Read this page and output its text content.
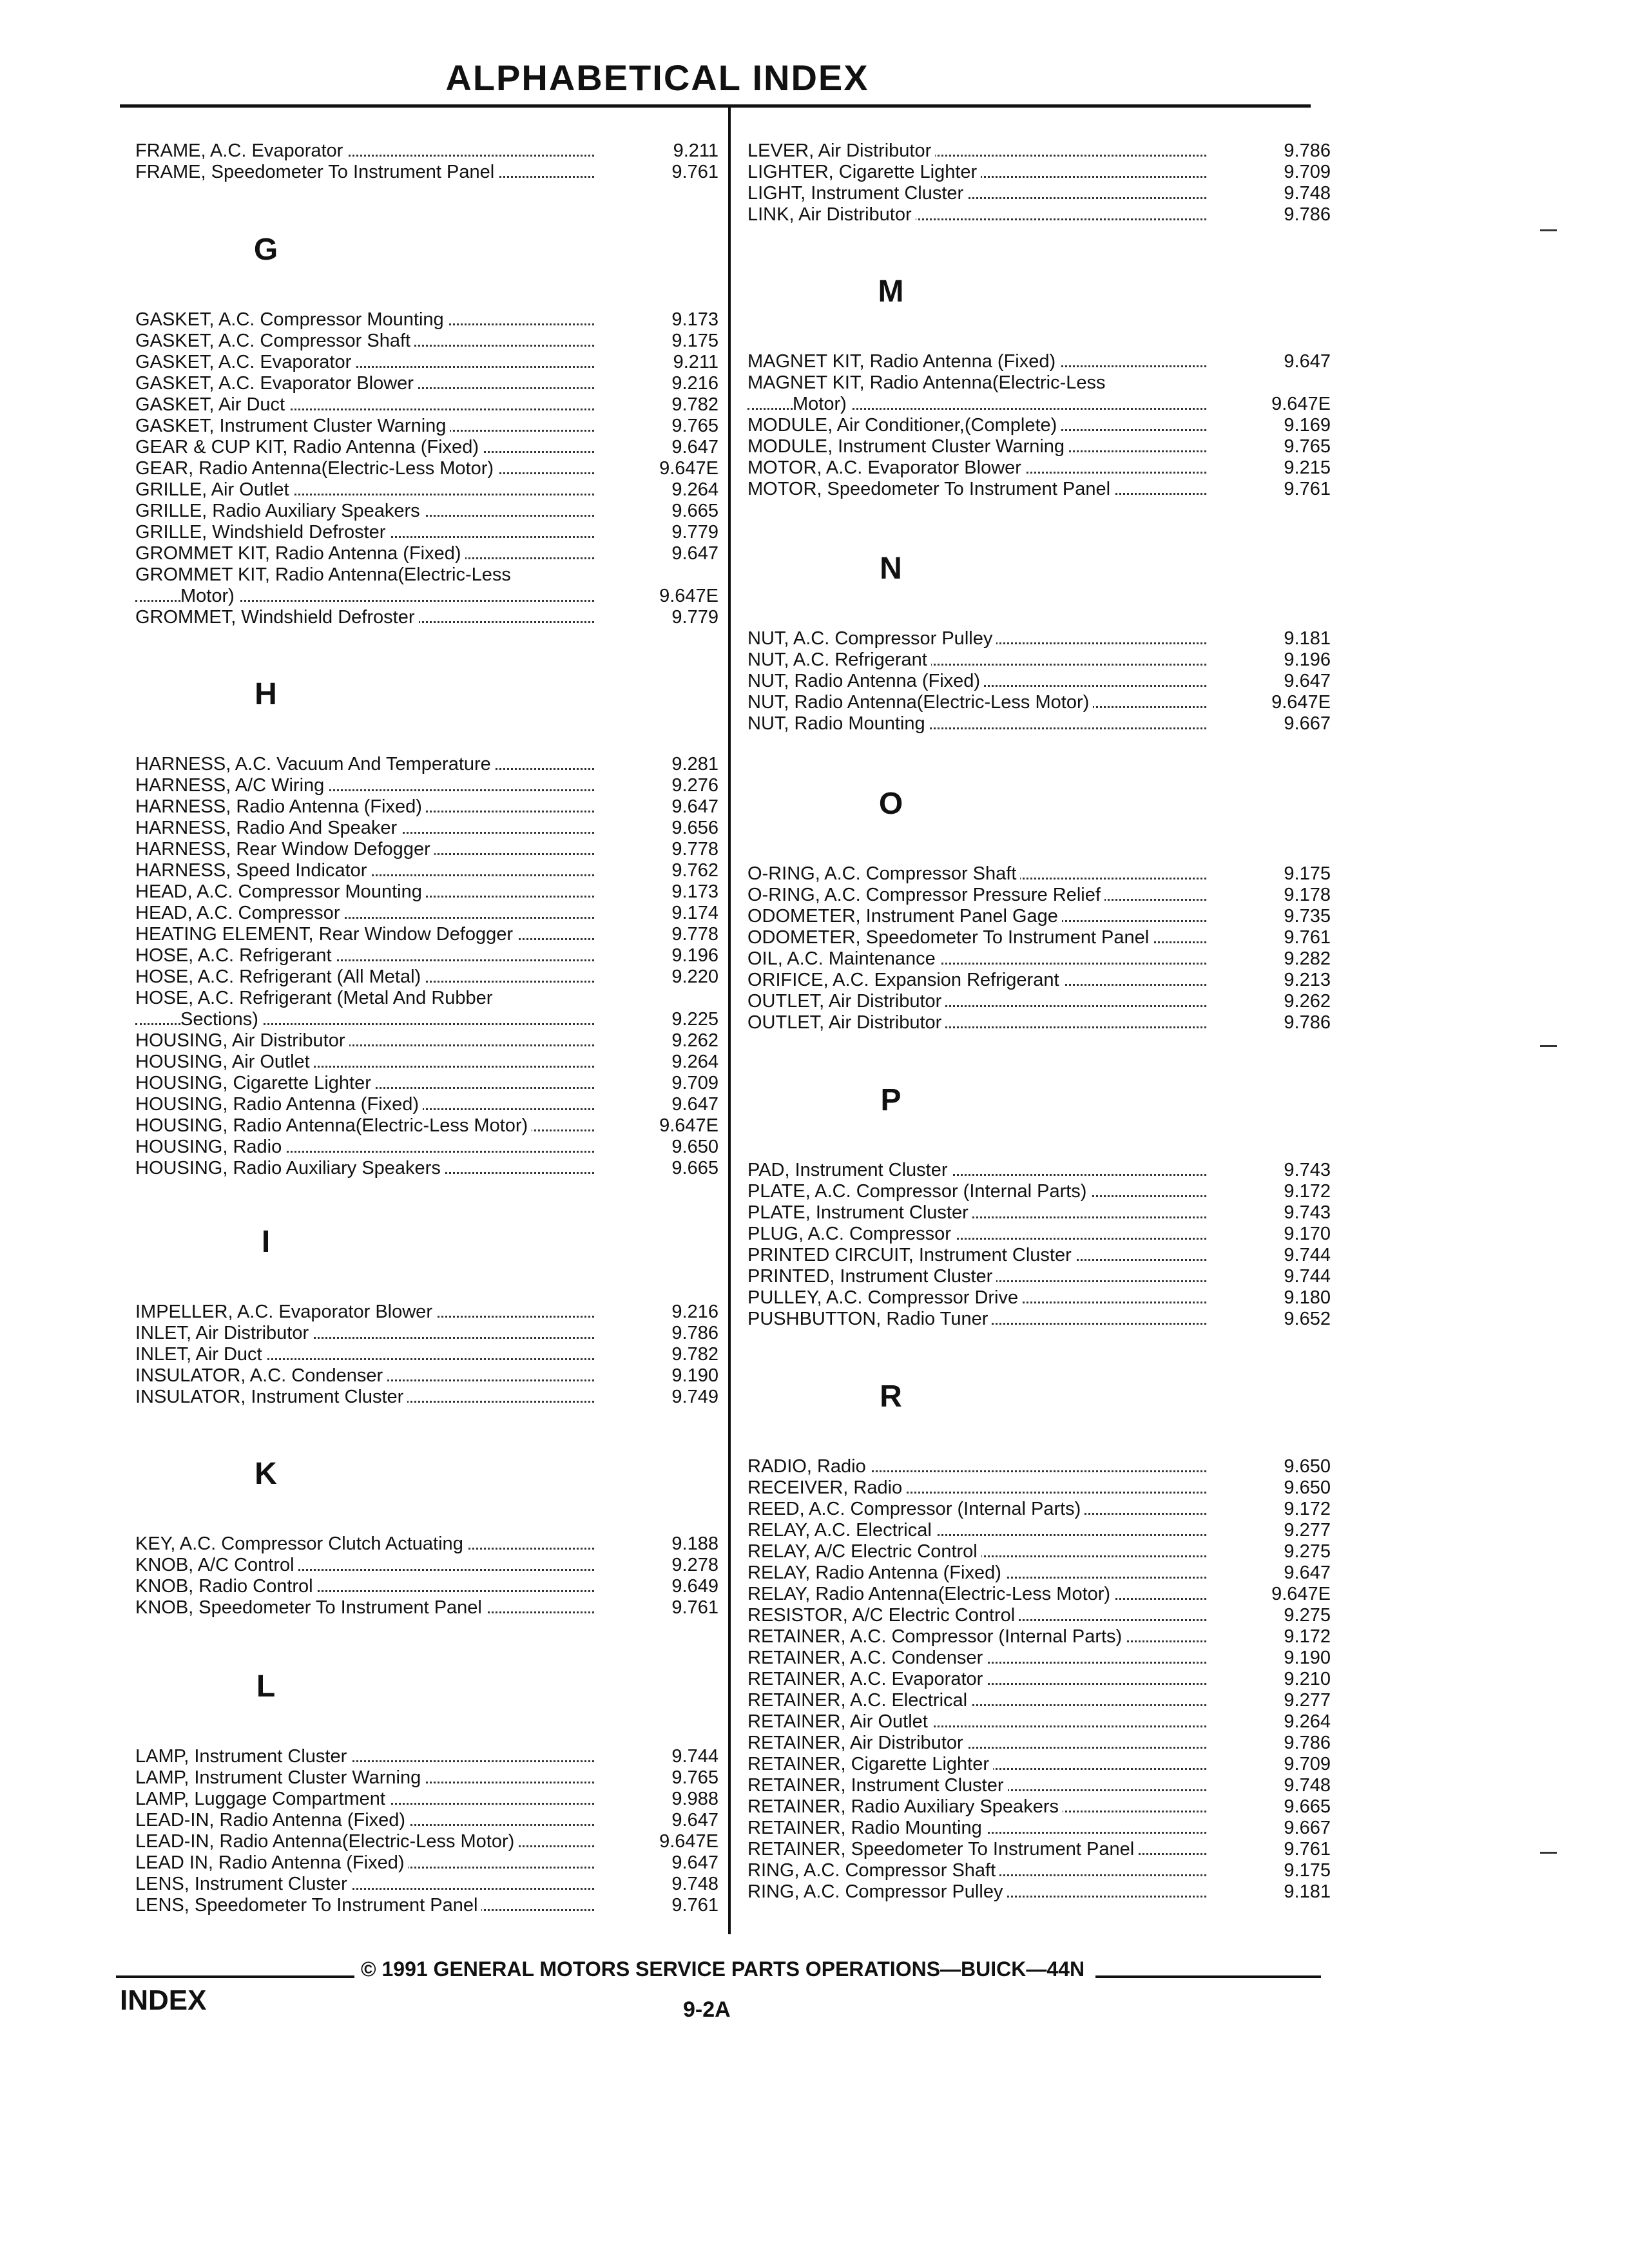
ALPHABETICAL INDEX
FRAME, A.C. Evaporator	9.211
FRAME, Speedometer To Instrument Panel	9.761
G
GASKET, A.C. Compressor Mounting	9.173
GASKET, A.C. Compressor Shaft	9.175
GASKET, A.C. Evaporator	9.211
GASKET, A.C. Evaporator Blower	9.216
GASKET, Air Duct	9.782
GASKET, Instrument Cluster Warning	9.765
GEAR & CUP KIT, Radio Antenna (Fixed)	9.647
GEAR, Radio Antenna(Electric-Less Motor)	9.647E
GRILLE, Air Outlet	9.264
GRILLE, Radio Auxiliary Speakers	9.665
GRILLE, Windshield Defroster	9.779
GROMMET KIT, Radio Antenna (Fixed)	9.647
GROMMET KIT, Radio Antenna(Electric-Less
Motor)	9.647E
GROMMET, Windshield Defroster	9.779
H
HARNESS, A.C. Vacuum And Temperature	9.281
HARNESS, A/C Wiring	9.276
HARNESS, Radio Antenna (Fixed)	9.647
HARNESS, Radio And Speaker	9.656
HARNESS, Rear Window Defogger	9.778
HARNESS, Speed Indicator	9.762
HEAD, A.C. Compressor Mounting	9.173
HEAD, A.C. Compressor	9.174
HEATING ELEMENT, Rear Window Defogger	9.778
HOSE, A.C. Refrigerant	9.196
HOSE, A.C. Refrigerant (All Metal)	9.220
HOSE, A.C. Refrigerant (Metal And Rubber
Sections)	9.225
HOUSING, Air Distributor	9.262
HOUSING, Air Outlet	9.264
HOUSING, Cigarette Lighter	9.709
HOUSING, Radio Antenna (Fixed)	9.647
HOUSING, Radio Antenna(Electric-Less Motor)	9.647E
HOUSING, Radio	9.650
HOUSING, Radio Auxiliary Speakers	9.665
I
IMPELLER, A.C. Evaporator Blower	9.216
INLET, Air Distributor	9.786
INLET, Air Duct	9.782
INSULATOR, A.C. Condenser	9.190
INSULATOR, Instrument Cluster	9.749
K
KEY, A.C. Compressor Clutch Actuating	9.188
KNOB, A/C Control	9.278
KNOB, Radio Control	9.649
KNOB, Speedometer To Instrument Panel	9.761
L
LAMP, Instrument Cluster	9.744
LAMP, Instrument Cluster Warning	9.765
LAMP, Luggage Compartment	9.988
LEAD-IN, Radio Antenna (Fixed)	9.647
LEAD-IN, Radio Antenna(Electric-Less Motor)	9.647E
LEAD IN, Radio Antenna (Fixed)	9.647
LENS, Instrument Cluster	9.748
LENS, Speedometer To Instrument Panel	9.761
LEVER, Air Distributor	9.786
LIGHTER, Cigarette Lighter	9.709
LIGHT, Instrument Cluster	9.748
LINK, Air Distributor	9.786
M
MAGNET KIT, Radio Antenna (Fixed)	9.647
MAGNET KIT, Radio Antenna(Electric-Less
Motor)	9.647E
MODULE, Air Conditioner,(Complete)	9.169
MODULE, Instrument Cluster Warning	9.765
MOTOR, A.C. Evaporator Blower	9.215
MOTOR, Speedometer To Instrument Panel	9.761
N
NUT, A.C. Compressor Pulley	9.181
NUT, A.C. Refrigerant	9.196
NUT, Radio Antenna (Fixed)	9.647
NUT, Radio Antenna(Electric-Less Motor)	9.647E
NUT, Radio Mounting	9.667
O
O-RING, A.C. Compressor Shaft	9.175
O-RING, A.C. Compressor Pressure Relief	9.178
ODOMETER, Instrument Panel Gage	9.735
ODOMETER, Speedometer To Instrument Panel	9.761
OIL, A.C. Maintenance	9.282
ORIFICE, A.C. Expansion Refrigerant	9.213
OUTLET, Air Distributor	9.262
OUTLET, Air Distributor	9.786
P
PAD, Instrument Cluster	9.743
PLATE, A.C. Compressor (Internal Parts)	9.172
PLATE, Instrument Cluster	9.743
PLUG, A.C. Compressor	9.170
PRINTED CIRCUIT, Instrument Cluster	9.744
PRINTED, Instrument Cluster	9.744
PULLEY, A.C. Compressor Drive	9.180
PUSHBUTTON, Radio Tuner	9.652
R
RADIO, Radio	9.650
RECEIVER, Radio	9.650
REED, A.C. Compressor (Internal Parts)	9.172
RELAY, A.C. Electrical	9.277
RELAY, A/C Electric Control	9.275
RELAY, Radio Antenna (Fixed)	9.647
RELAY, Radio Antenna(Electric-Less Motor)	9.647E
RESISTOR, A/C Electric Control	9.275
RETAINER, A.C. Compressor (Internal Parts)	9.172
RETAINER, A.C. Condenser	9.190
RETAINER, A.C. Evaporator	9.210
RETAINER, A.C. Electrical	9.277
RETAINER, Air Outlet	9.264
RETAINER, Air Distributor	9.786
RETAINER, Cigarette Lighter	9.709
RETAINER, Instrument Cluster	9.748
RETAINER, Radio Auxiliary Speakers	9.665
RETAINER, Radio Mounting	9.667
RETAINER, Speedometer To Instrument Panel	9.761
RING, A.C. Compressor Shaft	9.175
RING, A.C. Compressor Pulley	9.181
© 1991 GENERAL MOTORS SERVICE PARTS OPERATIONS—BUICK—44N
INDEX	9-2A
